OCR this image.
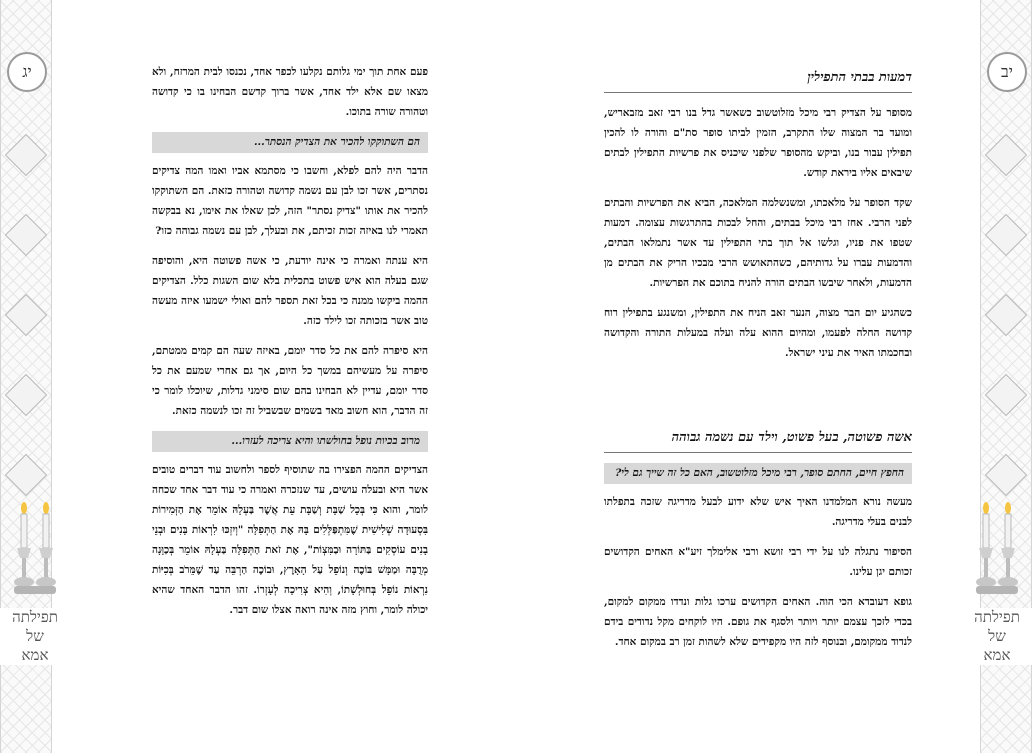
יג	יב
תפילתה
של
אמא
תפילתה
של
אמא

פעם אחת תוך ימי גלותם נקלעו לכפר אחד, נכנסו לבית המרזח, ולא מצאו שם אלא ילד אחד, אשר ברוך קדשם הבחינו בו כי קדושה וטהורה שורה בתוכו.

הם השתוקקו להכיר את הצדיק הנסתר...

הדבר היה להם לפלא, וחשבו כי מסתמא אביו ואמו המה צדיקים נסתרים, אשר זכו לבן עם נשמה קדושה וטהורה כזאת. הם השתוקקו להכיר את אותו "צדיק נסתר" הזה, לכן שאלו את אימו, נא בבקשה תאמרי לנו באיזה זכות זכיתם, את ובעלך, לבן עם נשמה גבוהה כזו?

היא ענתה ואמרה כי אינה יודעת, כי אשה פשוטה היא, והוסיפה שגם בעלה הוא איש פשוט בתכלית בלא שום השגות כלל. הצדיקים ההמה ביקשו ממנה כי בכל זאת תספר להם ואולי ישמעו איזה מעשה טוב אשר בזכותה זכו לילד כזה.

היא סיפרה להם את כל סדר יומם, באיזה שעה הם קמים ממטתם, סיפרה על מעשיהם במשך כל היום, אך גם אחרי שמעם את כל סדר יומם, עדיין לא הבחינו בהם שום סימני גדלות, שיוכלו לומר כי זה הדבר, הוא חשוב מאד בשמים שבשביל זה זכו לנשמה כזאת.

מרוב בכיות נופל בחולשתו והיא צריכה לעזרו...

הצדיקים ההמה הפצירו בה שתוסיף לספר ולחשוב עוד דברים טובים אשר היא ובעלה עושים, עד שנזכרה ואמרה כי עוד דבר אחד שכחה לומר, והוא כִּי בְּכָל שַׁבָּת וְשַׁבָּת עֵת אֲשֶׁר בַּעְלָהּ אוֹמֵר אֶת הַזְּמִירוֹת בִּסְעוּדָה שְׁלִישִׁית שֶׁמִּתְפַּלְּלִים בָּהּ אֶת הַתְּפִלָּה "וְיִזְכּוּ לִרְאוֹת בָּנִים וּבְנֵי בָנִים עוֹסְקִים בַּתּוֹרָה וּבַמִּצְוֹת", אֶת זֹאת הַתְּפִלָּה בַּעְלָהּ אוֹמֵר בְּכַוָּנָה מְרֻבָּה וּמַמָּשׁ בּוֹכֶה וְנוֹפֵל עַל הָאָרֶץ, וּבוֹכֶה הַרְבֵּה עַד שֶׁמֵּרֹב בְּכִיּוֹת נִרְאוֹת נוֹפֵל בְּחוּלְשָׁתוֹ, וְהִיא צְרִיכָה לְעָזְרוֹ. זהו הדבר האחד שהיא יכולה לומר, וחוץ מזה אינה רואה אצלו שום דבר.

דמעות בבתי התפילין

מסופר על הצדיק רבי מיכל מזלוטשוב כשאשר גדל בנו רבי זאב מזבאריש, ומועד בר המצוה שלו התקרב, הזמין לביתו סופר סת"ם והורה לו להכין תפילין עבור בנו, וביקש מהסופר שלפני שיכניס את פרשיות התפילין לבתים שיבאים אליו ביראת קודש.

שקד הסופר על מלאכתו, ומשנשלמה המלאכה, הביא את הפרשיות והבתים לפני הרבי. אחז רבי מיכל בבתים, והחל לבכות בהתרגשות עצומה. דמעות שטפו את פניו, וגלשו אל תוך בתי התפילין עד אשר נתמלאו הבתים, והדמעות עברו על גדותיהם, כשהתאושש הרבי מבכיו הריק את הבתים מן הדמעות, ולאחר שיבשו הבתים הורה להניח בתוכם את הפרשיות.

כשהגיע יום הבר מצוה, הנער זאב הניח את התפילין, ומשנגע בתפילין רוח קדושה החלה לפעמו, ומהיום ההוא עלה ועלה במעלות התורה והקדושה ובחכמתו האיר את עיני ישראל.

אשה פשוטה, בעל פשוט, וילד עם נשמה גבוהה
החפץ חיים, החתם סופר, רבי מיכל מזלוטשוב, האם כל זה שייך גם לי?

מעשה נורא המלמדנו האיך איש שלא ידוע לבעל מדריגה שזכה בתפלתו לבנים בעלי מדריגה.

הסיפור נתגלה לנו על ידי רבי זושא ורבי אלימלך זיע"א האחים הקדושים זכותם יגן עלינו.

גופא דעובדא הכי הוה. האחים הקדושים ערכו גלות ונדדו ממקום למקום, בכדי לזכך עצמם יותר ויותר ולסגף את גופם. היו לוקחים מקל נדודים בידם לנדוד ממקומם, ובנוסף לזה היו מקפידים שלא לשהות זמן רב במקום אחד.
